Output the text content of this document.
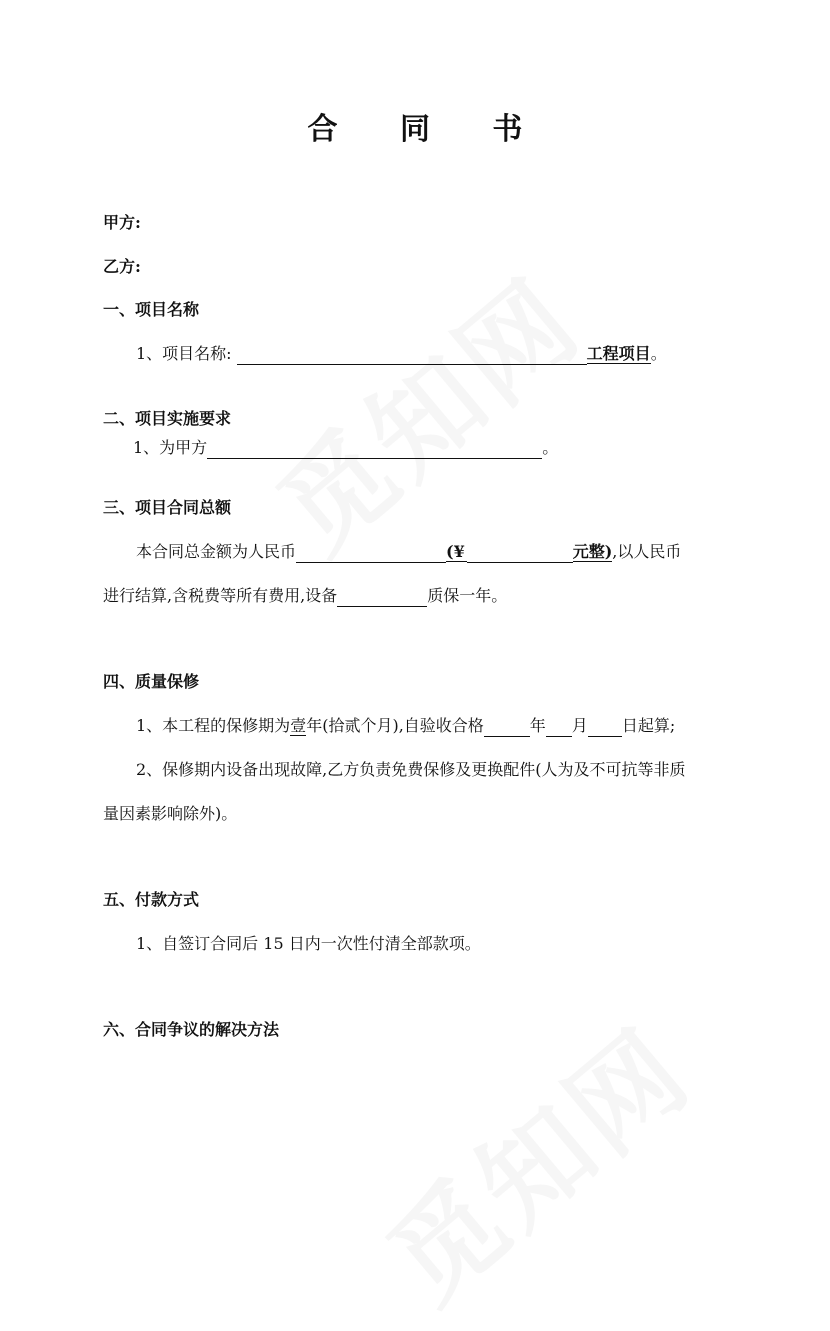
合 同 书
甲方:
乙方:
一、项目名称
1、项目名称:	工程项目。
二、项目实施要求
1、为甲方	。
三、项目合同总额
本合同总金额为人民币	(¥	元整),以人民币
进行结算,含税费等所有费用,设备	质保一年。
四、质量保修
1、本工程的保修期为壹年(拾贰个月),自验收合格	年 月 日起算;
2、保修期内设备出现故障,乙方负责免费保修及更换配件(人为及不可抗等非质
量因素影响除外)。
五、付款方式
1、自签订合同后 15 日内一次性付清全部款项。
六、合同争议的解决方法
